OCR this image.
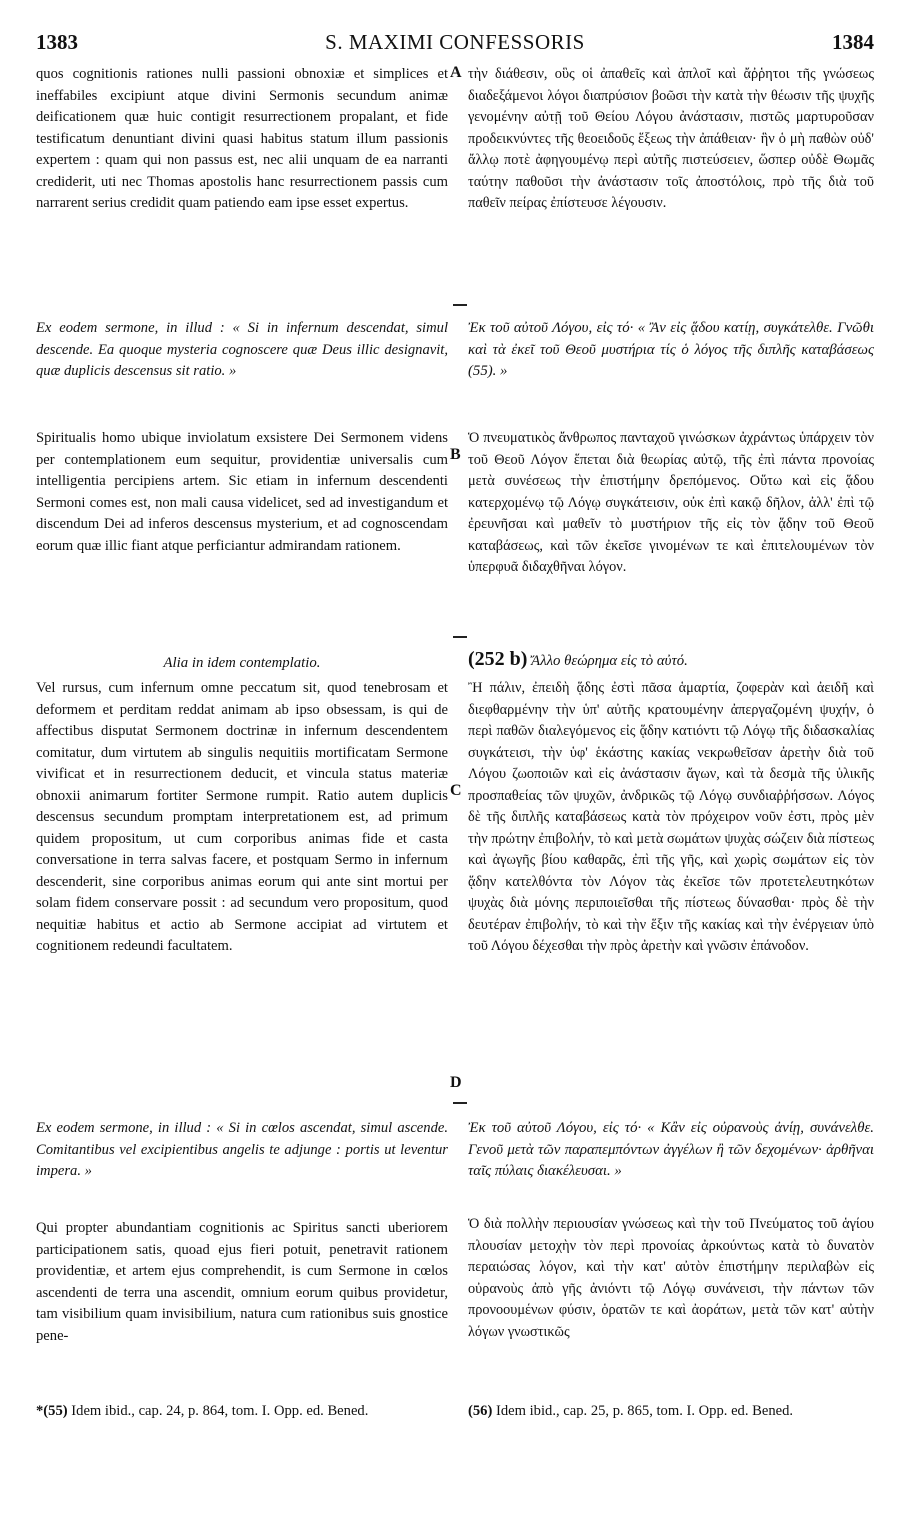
1383	S. MAXIMI CONFESSORIS	1384
A
B
C
D

quos cognitionis rationes nulli passioni obnoxiæ et simplices et ineffabiles excipiunt atque divini Sermonis secundum animæ deificationem quæ huic contigit resurrectionem propalant, et fide testificatum denuntiant divini quasi habitus statum illum passionis expertem : quam qui non passus est, nec alii unquam de ea narranti crediderit, uti nec Thomas apostolis hanc resurrectionem passis cum narrarent serius credidit quam patiendo eam ipse esset expertus.

Ex eodem sermone, in illud : « Si in infernum descendat, simul descende. Ea quoque mysteria cognoscere quæ Deus illic designavit, quæ duplicis descensus sit ratio. »

Spiritualis homo ubique inviolatum exsistere Dei Sermonem videns per contemplationem eum sequitur, providentiæ universalis cum intelligentia percipiens artem. Sic etiam in infernum descendenti Sermoni comes est, non mali causa videlicet, sed ad investigandum et discendum Dei ad inferos descensus mysterium, et ad cognoscendam eorum quæ illic fiant atque perficiantur admirandam rationem.

Alia in idem contemplatio.

Vel rursus, cum infernum omne peccatum sit, quod tenebrosam et deformem et perditam reddat animam ab ipso obsessam, is qui de affectibus disputat Sermonem doctrinæ in infernum descendentem comitatur, dum virtutem ab singulis nequitiis mortificatam Sermone vivificat et in resurrectionem deducit, et vincula status materiæ obnoxii animarum fortiter Sermone rumpit. Ratio autem duplicis descensus secundum promptam interpretationem est, ad primum quidem propositum, ut cum corporibus animas fide et casta conversatione in terra salvas facere, et postquam Sermo in infernum descenderit, sine corporibus animas eorum qui ante sint mortui per solam fidem conservare possit : ad secundum vero propositum, quod nequitiæ habitus et actio ab Sermone accipiat ad virtutem et cognitionem redeundi facultatem.

Ex eodem sermone, in illud : « Si in cœlos ascendat, simul ascende. Comitantibus vel excipientibus angelis te adjunge : portis ut leventur impera. »

Qui propter abundantiam cognitionis ac Spiritus sancti uberiorem participationem satis, quoad ejus fieri potuit, penetravit rationem providentiæ, et artem ejus comprehendit, is cum Sermone in cœlos ascendenti de terra una ascendit, omnium eorum quibus providetur, tam visibilium quam invisibilium, natura cum rationibus suis gnostice pene-

*(55) Idem ibid., cap. 24, p. 864, tom. I. Opp. ed. Bened.

τὴν διάθεσιν, οὓς οἱ ἀπαθεῖς καὶ ἁπλοῖ καὶ ἄῤῥητοι τῆς γνώσεως διαδεξάμενοι λόγοι διαπρύσιον βοῶσι τὴν κατὰ τὴν θέωσιν τῆς ψυχῆς γενομένην αὐτῇ τοῦ Θείου Λόγου ἀνάστασιν, πιστῶς μαρτυροῦσαν προδεικνύντες τῆς θεοειδοῦς ἕξεως τὴν ἀπάθειαν· ἣν ὁ μὴ παθὼν οὐδ' ἄλλῳ ποτὲ ἀφηγουμένῳ περὶ αὐτῆς πιστεύσειεν, ὥσπερ οὐδὲ Θωμᾶς ταύτην παθοῦσι τὴν ἀνάστασιν τοῖς ἀποστόλοις, πρὸ τῆς διὰ τοῦ παθεῖν πείρας ἐπίστευσε λέγουσιν.

Ἐκ τοῦ αὐτοῦ Λόγου, εἰς τό· « Ἂν εἰς ᾅδου κατίῃ, συγκάτελθε. Γνῶθι καὶ τὰ ἐκεῖ τοῦ Θεοῦ μυστήρια τίς ὁ λόγος τῆς διπλῆς καταβάσεως (55). »

Ὁ πνευματικὸς ἄνθρωπος πανταχοῦ γινώσκων ἀχράντως ὑπάρχειν τὸν τοῦ Θεοῦ Λόγον ἕπεται διὰ θεωρίας αὐτῷ, τῆς ἐπὶ πάντα προνοίας μετὰ συνέσεως τὴν ἐπιστήμην δρεπόμενος. Οὕτω καὶ εἰς ᾅδου κατερχομένῳ τῷ Λόγῳ συγκάτεισιν, οὐκ ἐπὶ κακῷ δῆλον, ἀλλ' ἐπὶ τῷ ἐρευνῆσαι καὶ μαθεῖν τὸ μυστήριον τῆς εἰς τὸν ᾅδην τοῦ Θεοῦ καταβάσεως, καὶ τῶν ἐκεῖσε γινομένων τε καὶ ἐπιτελουμένων τὸν ὑπερφυᾶ διδαχθῆναι λόγον.

(252 b) Ἄλλο θεώρημα εἰς τὸ αὐτό.

Ἢ πάλιν, ἐπειδὴ ᾅδης ἐστὶ πᾶσα ἁμαρτία, ζοφερὰν καὶ ἀειδῆ καὶ διεφθαρμένην τὴν ὑπ' αὐτῆς κρατουμένην ἀπεργαζομένη ψυχήν, ὁ περὶ παθῶν διαλεγόμενος εἰς ᾅδην κατιόντι τῷ Λόγῳ τῆς διδασκαλίας συγκάτεισι, τὴν ὑφ' ἑκάστης κακίας νεκρωθεῖσαν ἀρετὴν διὰ τοῦ Λόγου ζωοποιῶν καὶ εἰς ἀνάστασιν ἄγων, καὶ τὰ δεσμὰ τῆς ὑλικῆς προσπαθείας τῶν ψυχῶν, ἀνδρικῶς τῷ Λόγῳ συνδιαῤῥήσσων. Λόγος δὲ τῆς διπλῆς καταβάσεως κατὰ τὸν πρόχειρον νοῦν ἐστι, πρὸς μὲν τὴν πρώτην ἐπιβολήν, τὸ καὶ μετὰ σωμάτων ψυχὰς σώζειν διὰ πίστεως καὶ ἀγωγῆς βίου καθαρᾶς, ἐπὶ τῆς γῆς, καὶ χωρὶς σωμάτων εἰς τὸν ᾅδην κατελθόντα τὸν Λόγον τὰς ἐκεῖσε τῶν προτετελευτηκότων ψυχὰς διὰ μόνης περιποιεῖσθαι τῆς πίστεως δύνασθαι· πρὸς δὲ τὴν δευτέραν ἐπιβολήν, τὸ καὶ τὴν ἕξιν τῆς κακίας καὶ τὴν ἐνέργειαν ὑπὸ τοῦ Λόγου δέχεσθαι τὴν πρὸς ἀρετὴν καὶ γνῶσιν ἐπάνοδον.

Ἐκ τοῦ αὐτοῦ Λόγου, εἰς τό· « Κἂν εἰς οὐρανοὺς ἀνίῃ, συνάνελθε. Γενοῦ μετὰ τῶν παραπεμπόντων ἀγγέλων ἢ τῶν δεχομένων· ἀρθῆναι ταῖς πύλαις διακέλευσαι. »

Ὁ διὰ πολλὴν περιουσίαν γνώσεως καὶ τὴν τοῦ Πνεύματος τοῦ ἁγίου πλουσίαν μετοχὴν τὸν περὶ προνοίας ἀρκούντως κατὰ τὸ δυνατὸν περαιώσας λόγον, καὶ τὴν κατ' αὐτὸν ἐπιστήμην περιλαβὼν εἰς οὐρανοὺς ἀπὸ γῆς ἀνιόντι τῷ Λόγῳ συνάνεισι, τὴν πάντων τῶν προνοουμένων φύσιν, ὁρατῶν τε καὶ ἀοράτων, μετὰ τῶν κατ' αὐτὴν λόγων γνωστικῶς

(56) Idem ibid., cap. 25, p. 865, tom. I. Opp. ed. Bened.
